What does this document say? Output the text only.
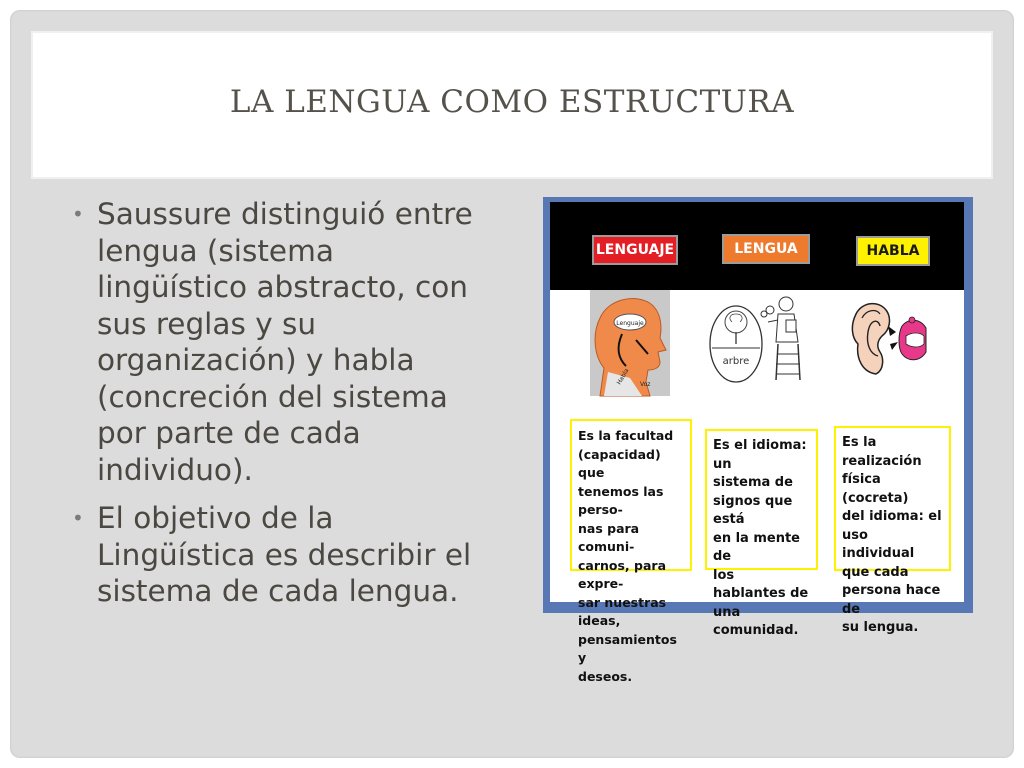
LA LENGUA COMO ESTRUCTURA
• Saussure distinguió entre lengua (sistema lingüístico abstracto, con sus reglas y su organización) y habla (concreción del sistema por parte de cada individuo).
• El objetivo de la Lingüística es describir el sistema de cada lengua.
LENGUAJE	LENGUA	HABLA
Lenguaje
Habla Voz
arbre
Es la facultad
(capacidad) que
tenemos las perso-
nas para comuni-
carnos, para expre-
sar nuestras ideas,
pensamientos y
deseos.
Es el idioma: un
sistema de
signos que está
en la mente de
los hablantes de
una comunidad.
Es la realización
física (cocreta)
del idioma: el
uso individual
que cada
persona hace de
su lengua.
